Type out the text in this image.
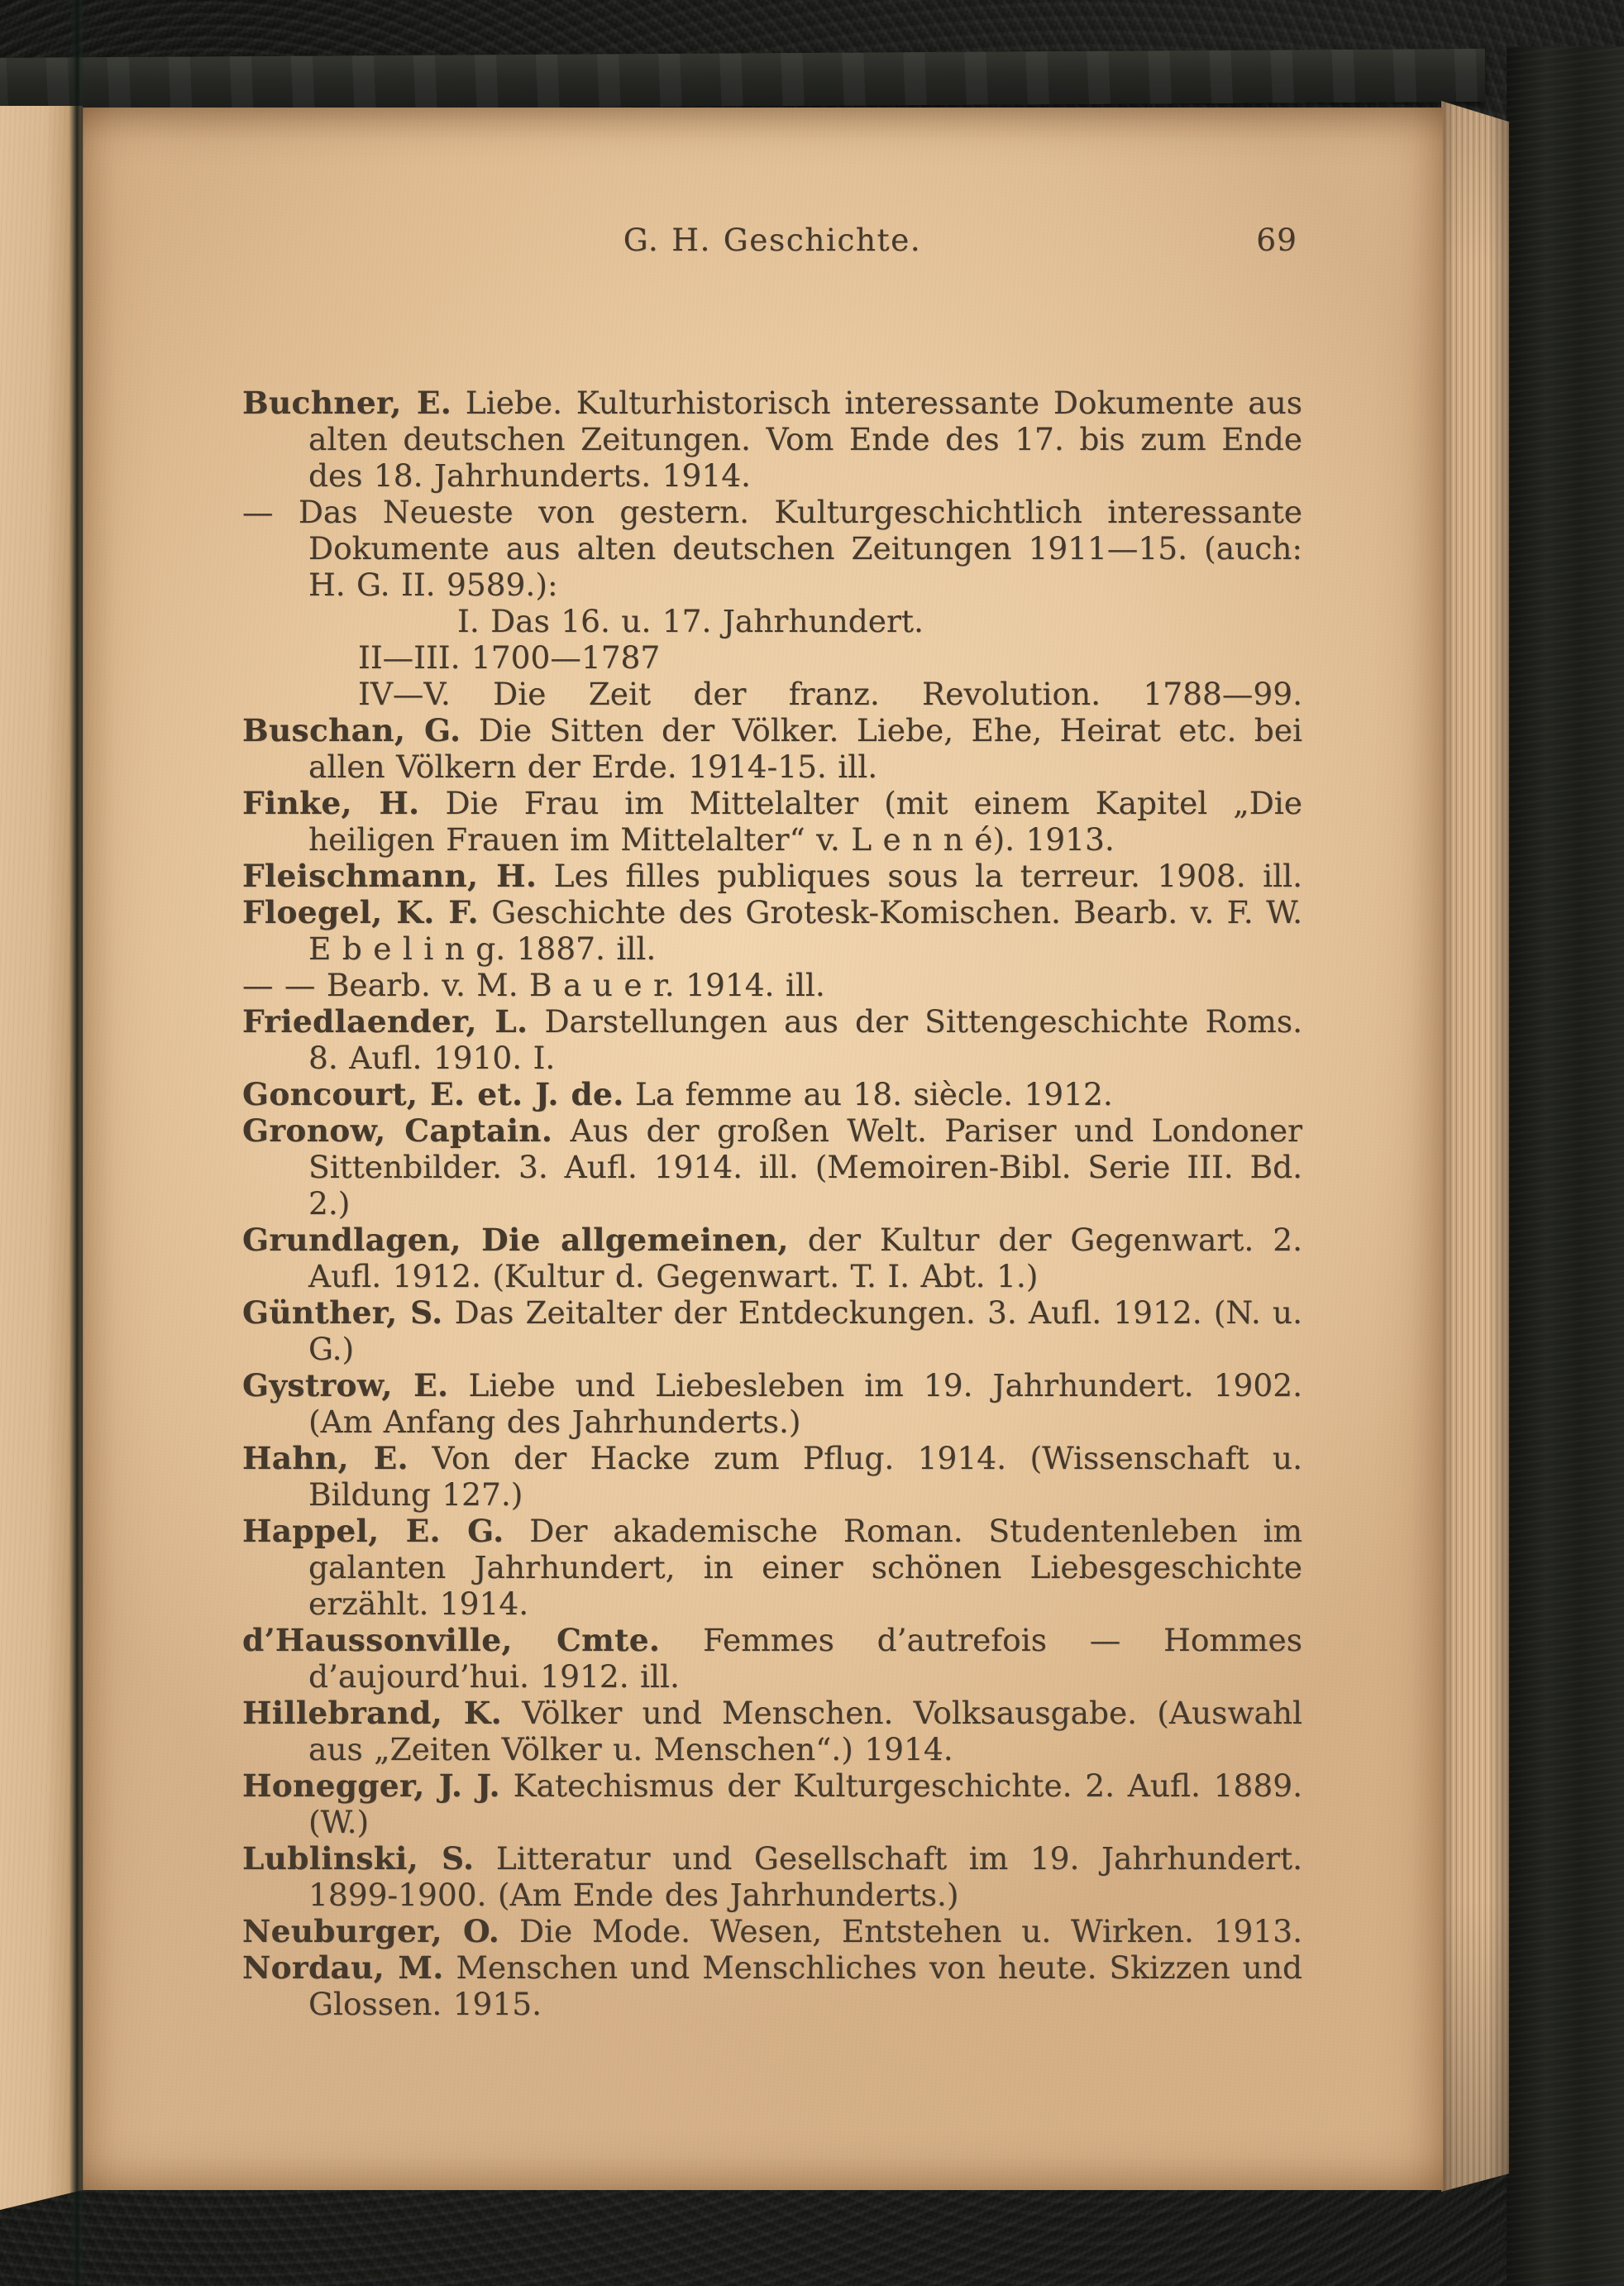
G. H. Geschichte.	69

Buchner, E. Liebe. Kulturhistorisch interessante Dokumente aus alten deutschen Zeitungen. Vom Ende des 17. bis zum Ende des 18. Jahrhunderts. 1914.

— Das Neueste von gestern. Kulturgeschichtlich interessante Dokumente aus alten deutschen Zeitungen 1911—15. (auch: H. G. II. 9589.):

I. Das 16. u. 17. Jahrhundert.

II—III. 1700—1787

IV—V. Die Zeit der franz. Revolution. 1788—99.

Buschan, G. Die Sitten der Völker. Liebe, Ehe, Heirat etc. bei allen Völkern der Erde. 1914-15. ill.

Finke, H. Die Frau im Mittelalter (mit einem Kapitel „Die heiligen Frauen im Mittelalter“ v. L e n n é). 1913.

Fleischmann, H. Les filles publiques sous la terreur. 1908. ill.

Floegel, K. F. Geschichte des Grotesk-Komischen. Bearb. v. F. W. E b e l i n g. 1887. ill.

— — Bearb. v. M. B a u e r. 1914. ill.

Friedlaender, L. Darstellungen aus der Sittengeschichte Roms. 8. Aufl. 1910. I.

Goncourt, E. et. J. de. La femme au 18. siècle. 1912.

Gronow, Captain. Aus der großen Welt. Pariser und Londoner Sittenbilder. 3. Aufl. 1914. ill. (Memoiren-Bibl. Serie III. Bd. 2.)

Grundlagen, Die allgemeinen, der Kultur der Gegenwart. 2. Aufl. 1912. (Kultur d. Gegenwart. T. I. Abt. 1.)

Günther, S. Das Zeitalter der Entdeckungen. 3. Aufl. 1912. (N. u. G.)

Gystrow, E. Liebe und Liebesleben im 19. Jahrhundert. 1902. (Am Anfang des Jahrhunderts.)

Hahn, E. Von der Hacke zum Pflug. 1914. (Wissenschaft u. Bildung 127.)

Happel, E. G. Der akademische Roman. Studentenleben im galanten Jahrhundert, in einer schönen Liebesgeschichte erzählt. 1914.

d’Haussonville, Cmte. Femmes d’autrefois — Hommes d’aujourd’hui. 1912. ill.

Hillebrand, K. Völker und Menschen. Volksausgabe. (Auswahl aus „Zeiten Völker u. Menschen“.) 1914.

Honegger, J. J. Katechismus der Kulturgeschichte. 2. Aufl. 1889. (W.)

Lublinski, S. Litteratur und Gesellschaft im 19. Jahrhundert. 1899-1900. (Am Ende des Jahrhunderts.)

Neuburger, O. Die Mode. Wesen, Entstehen u. Wirken. 1913.

Nordau, M. Menschen und Menschliches von heute. Skizzen und Glossen. 1915.
